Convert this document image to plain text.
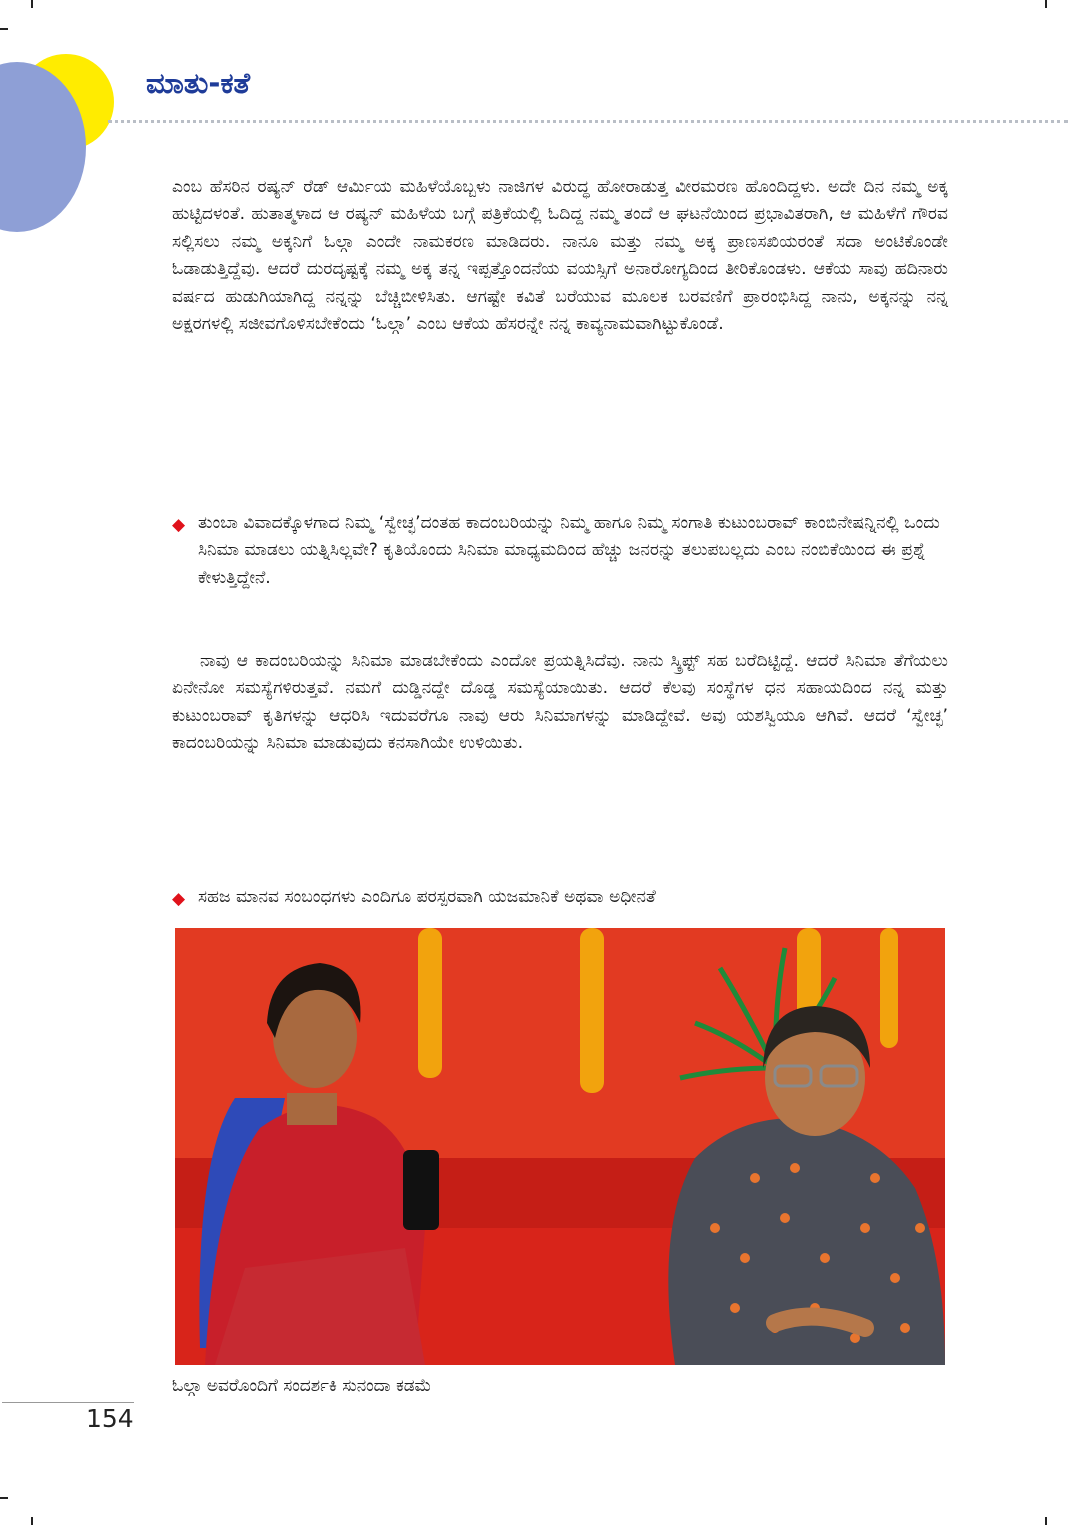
ಮಾತು-ಕತೆ

ಎಂಬ ಹೆಸರಿನ ರಷ್ಯನ್ ರೆಡ್ ಆರ್ಮಿಯ ಮಹಿಳೆಯೊಬ್ಬಳು ನಾಜಿಗಳ ವಿರುದ್ಧ ಹೋರಾಡುತ್ತ ವೀರಮರಣ ಹೊಂದಿದ್ದಳು. ಅದೇ ದಿನ ನಮ್ಮ ಅಕ್ಕ ಹುಟ್ಟಿದಳಂತೆ. ಹುತಾತ್ಮಳಾದ ಆ ರಷ್ಯನ್ ಮಹಿಳೆಯ ಬಗ್ಗೆ ಪತ್ರಿಕೆಯಲ್ಲಿ ಓದಿದ್ದ ನಮ್ಮ ತಂದೆ ಆ ಘಟನೆಯಿಂದ ಪ್ರಭಾವಿತರಾಗಿ, ಆ ಮಹಿಳೆಗೆ ಗೌರವ ಸಲ್ಲಿಸಲು ನಮ್ಮ ಅಕ್ಕನಿಗೆ ಓಲ್ಗಾ ಎಂದೇ ನಾಮಕರಣ ಮಾಡಿದರು. ನಾನೂ ಮತ್ತು ನಮ್ಮ ಅಕ್ಕ ಪ್ರಾಣಸಖಿಯರಂತೆ ಸದಾ ಅಂಟಿಕೊಂಡೇ ಓಡಾಡುತ್ತಿದ್ದೆವು. ಆದರೆ ದುರದೃಷ್ಟಕ್ಕೆ ನಮ್ಮ ಅಕ್ಕ ತನ್ನ ಇಪ್ಪತ್ತೊಂದನೆಯ ವಯಸ್ಸಿಗೆ ಅನಾರೋಗ್ಯದಿಂದ ತೀರಿಕೊಂಡಳು. ಆಕೆಯ ಸಾವು ಹದಿನಾರು ವರ್ಷದ ಹುಡುಗಿಯಾಗಿದ್ದ ನನ್ನನ್ನು ಬೆಚ್ಚಿಬೀಳಿಸಿತು. ಆಗಷ್ಟೇ ಕವಿತೆ ಬರೆಯುವ ಮೂಲಕ ಬರವಣಿಗೆ ಪ್ರಾರಂಭಿಸಿದ್ದ ನಾನು, ಅಕ್ಕನನ್ನು ನನ್ನ ಅಕ್ಷರಗಳಲ್ಲಿ ಸಜೀವಗೊಳಿಸಬೇಕೆಂದು ‘ಓಲ್ಗಾ’ ಎಂಬ ಆಕೆಯ ಹೆಸರನ್ನೇ ನನ್ನ ಕಾವ್ಯನಾಮವಾಗಿಟ್ಟುಕೊಂಡೆ.

◆ ತುಂಬಾ ವಿವಾದಕ್ಕೊಳಗಾದ ನಿಮ್ಮ ‘ಸ್ವೇಚ್ಛ’ದಂತಹ ಕಾದಂಬರಿಯನ್ನು ನಿಮ್ಮ ಹಾಗೂ ನಿಮ್ಮ ಸಂಗಾತಿ ಕುಟುಂಬರಾವ್ ಕಾಂಬಿನೇಷನ್ನಿನಲ್ಲಿ ಒಂದು ಸಿನಿಮಾ ಮಾಡಲು ಯತ್ನಿಸಿಲ್ಲವೇ? ಕೃತಿಯೊಂದು ಸಿನಿಮಾ ಮಾಧ್ಯಮದಿಂದ ಹೆಚ್ಚು ಜನರನ್ನು ತಲುಪಬಲ್ಲದು ಎಂಬ ನಂಬಿಕೆಯಿಂದ ಈ ಪ್ರಶ್ನೆ ಕೇಳುತ್ತಿದ್ದೇನೆ.

ನಾವು ಆ ಕಾದಂಬರಿಯನ್ನು ಸಿನಿಮಾ ಮಾಡಬೇಕೆಂದು ಎಂದೋ ಪ್ರಯತ್ನಿಸಿದೆವು. ನಾನು ಸ್ಕ್ರಿಪ್ಟ್ ಸಹ ಬರೆದಿಟ್ಟಿದ್ದೆ. ಆದರೆ ಸಿನಿಮಾ ತೆಗೆಯಲು ಏನೇನೋ ಸಮಸ್ಯೆಗಳಿರುತ್ತವೆ. ನಮಗೆ ದುಡ್ಡಿನದ್ದೇ ದೊಡ್ಡ ಸಮಸ್ಯೆಯಾಯಿತು. ಆದರೆ ಕೆಲವು ಸಂಸ್ಥೆಗಳ ಧನ ಸಹಾಯದಿಂದ ನನ್ನ ಮತ್ತು ಕುಟುಂಬರಾವ್ ಕೃತಿಗಳನ್ನು ಆಧರಿಸಿ ಇದುವರೆಗೂ ನಾವು ಆರು ಸಿನಿಮಾಗಳನ್ನು ಮಾಡಿದ್ದೇವೆ. ಅವು ಯಶಸ್ವಿಯೂ ಆಗಿವೆ. ಆದರೆ ‘ಸ್ವೇಚ್ಛ’ ಕಾದಂಬರಿಯನ್ನು ಸಿನಿಮಾ ಮಾಡುವುದು ಕನಸಾಗಿಯೇ ಉಳಿಯಿತು.

◆ ಸಹಜ ಮಾನವ ಸಂಬಂಧಗಳು ಎಂದಿಗೂ ಪರಸ್ಪರವಾಗಿ ಯಜಮಾನಿಕೆ ಅಥವಾ ಅಧೀನತೆ

ಓಲ್ಗಾ ಅವರೊಂದಿಗೆ ಸಂದರ್ಶಕಿ ಸುನಂದಾ ಕಡಮೆ

154
